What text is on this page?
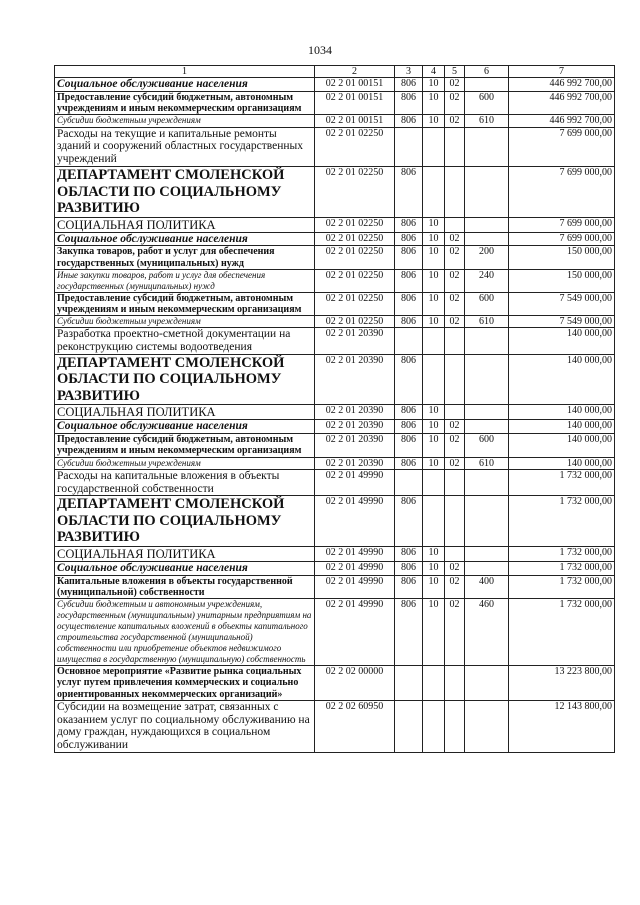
1034
1	2	3	4	5	6	7
Социальное обслуживание населения	02 2 01 00151	806	10	02		446 992 700,00
Предоставление субсидий бюджетным, автономным учреждениям и иным некоммерческим организациям	02 2 01 00151	806	10	02	600	446 992 700,00
Субсидии бюджетным учреждениям	02 2 01 00151	806	10	02	610	446 992 700,00
Расходы на текущие и капитальные ремонты зданий и сооружений областных государственных учреждений	02 2 01 02250					7 699 000,00
ДЕПАРТАМЕНТ СМОЛЕНСКОЙ ОБЛАСТИ ПО СОЦИАЛЬНОМУ РАЗВИТИЮ	02 2 01 02250	806				7 699 000,00
СОЦИАЛЬНАЯ ПОЛИТИКА	02 2 01 02250	806	10			7 699 000,00
Социальное обслуживание населения	02 2 01 02250	806	10	02		7 699 000,00
Закупка товаров, работ и услуг для обеспечения государственных (муниципальных) нужд	02 2 01 02250	806	10	02	200	150 000,00
Иные закупки товаров, работ и услуг для обеспечения государственных (муниципальных) нужд	02 2 01 02250	806	10	02	240	150 000,00
Предоставление субсидий бюджетным, автономным учреждениям и иным некоммерческим организациям	02 2 01 02250	806	10	02	600	7 549 000,00
Субсидии бюджетным учреждениям	02 2 01 02250	806	10	02	610	7 549 000,00
Разработка проектно-сметной документации на реконструкцию системы водоотведения	02 2 01 20390					140 000,00
ДЕПАРТАМЕНТ СМОЛЕНСКОЙ ОБЛАСТИ ПО СОЦИАЛЬНОМУ РАЗВИТИЮ	02 2 01 20390	806				140 000,00
СОЦИАЛЬНАЯ ПОЛИТИКА	02 2 01 20390	806	10			140 000,00
Социальное обслуживание населения	02 2 01 20390	806	10	02		140 000,00
Предоставление субсидий бюджетным, автономным учреждениям и иным некоммерческим организациям	02 2 01 20390	806	10	02	600	140 000,00
Субсидии бюджетным учреждениям	02 2 01 20390	806	10	02	610	140 000,00
Расходы на капитальные вложения в объекты государственной собственности	02 2 01 49990					1 732 000,00
ДЕПАРТАМЕНТ СМОЛЕНСКОЙ ОБЛАСТИ ПО СОЦИАЛЬНОМУ РАЗВИТИЮ	02 2 01 49990	806				1 732 000,00
СОЦИАЛЬНАЯ ПОЛИТИКА	02 2 01 49990	806	10			1 732 000,00
Социальное обслуживание населения	02 2 01 49990	806	10	02		1 732 000,00
Капитальные вложения в объекты государственной (муниципальной) собственности	02 2 01 49990	806	10	02	400	1 732 000,00
Субсидии бюджетным и автономным учреждениям, государственным (муниципальным) унитарным предприятиям на осуществление капитальных вложений в объекты капитального строительства государственной (муниципальной) собственности или приобретение объектов недвижимого имущества в государственную (муниципальную) собственность	02 2 01 49990	806	10	02	460	1 732 000,00
Основное мероприятие «Развитие рынка социальных услуг путем привлечения коммерческих и социально ориентированных некоммерческих организаций»	02 2 02 00000					13 223 800,00
Субсидии на возмещение затрат, связанных с оказанием услуг по социальному обслуживанию на дому граждан, нуждающихся в социальном обслуживании	02 2 02 60950					12 143 800,00
